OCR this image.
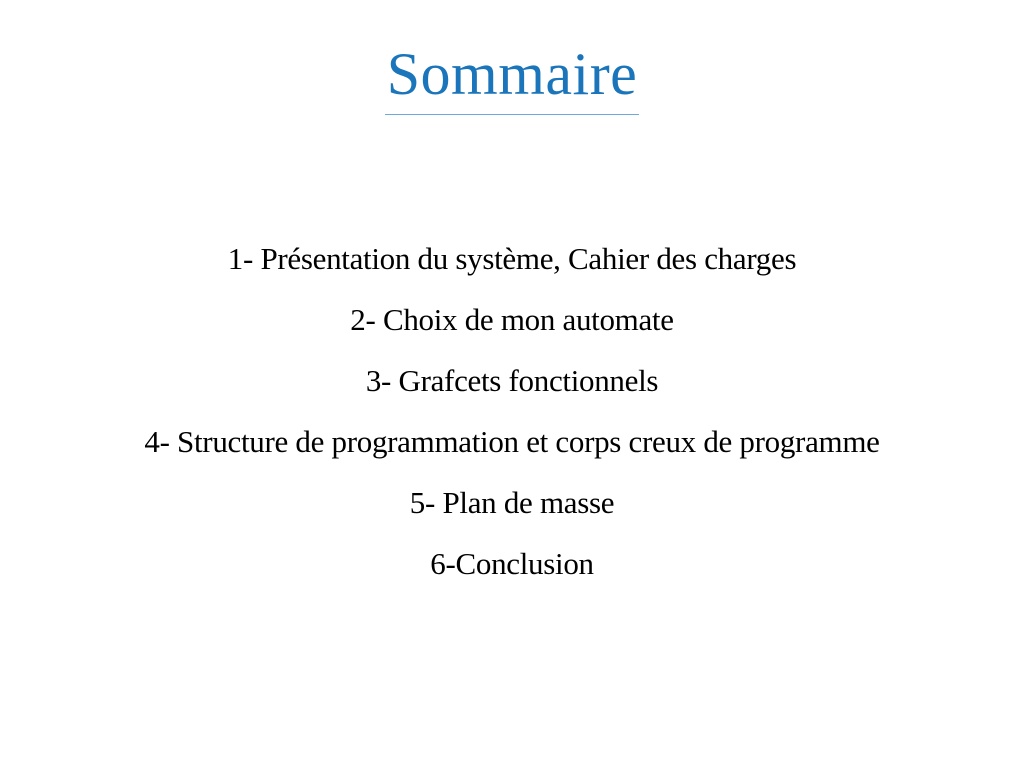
Sommaire
1- Présentation du système, Cahier des charges
2- Choix de mon automate
3- Grafcets fonctionnels
4- Structure de programmation et corps creux de programme
5- Plan de masse
6-Conclusion
